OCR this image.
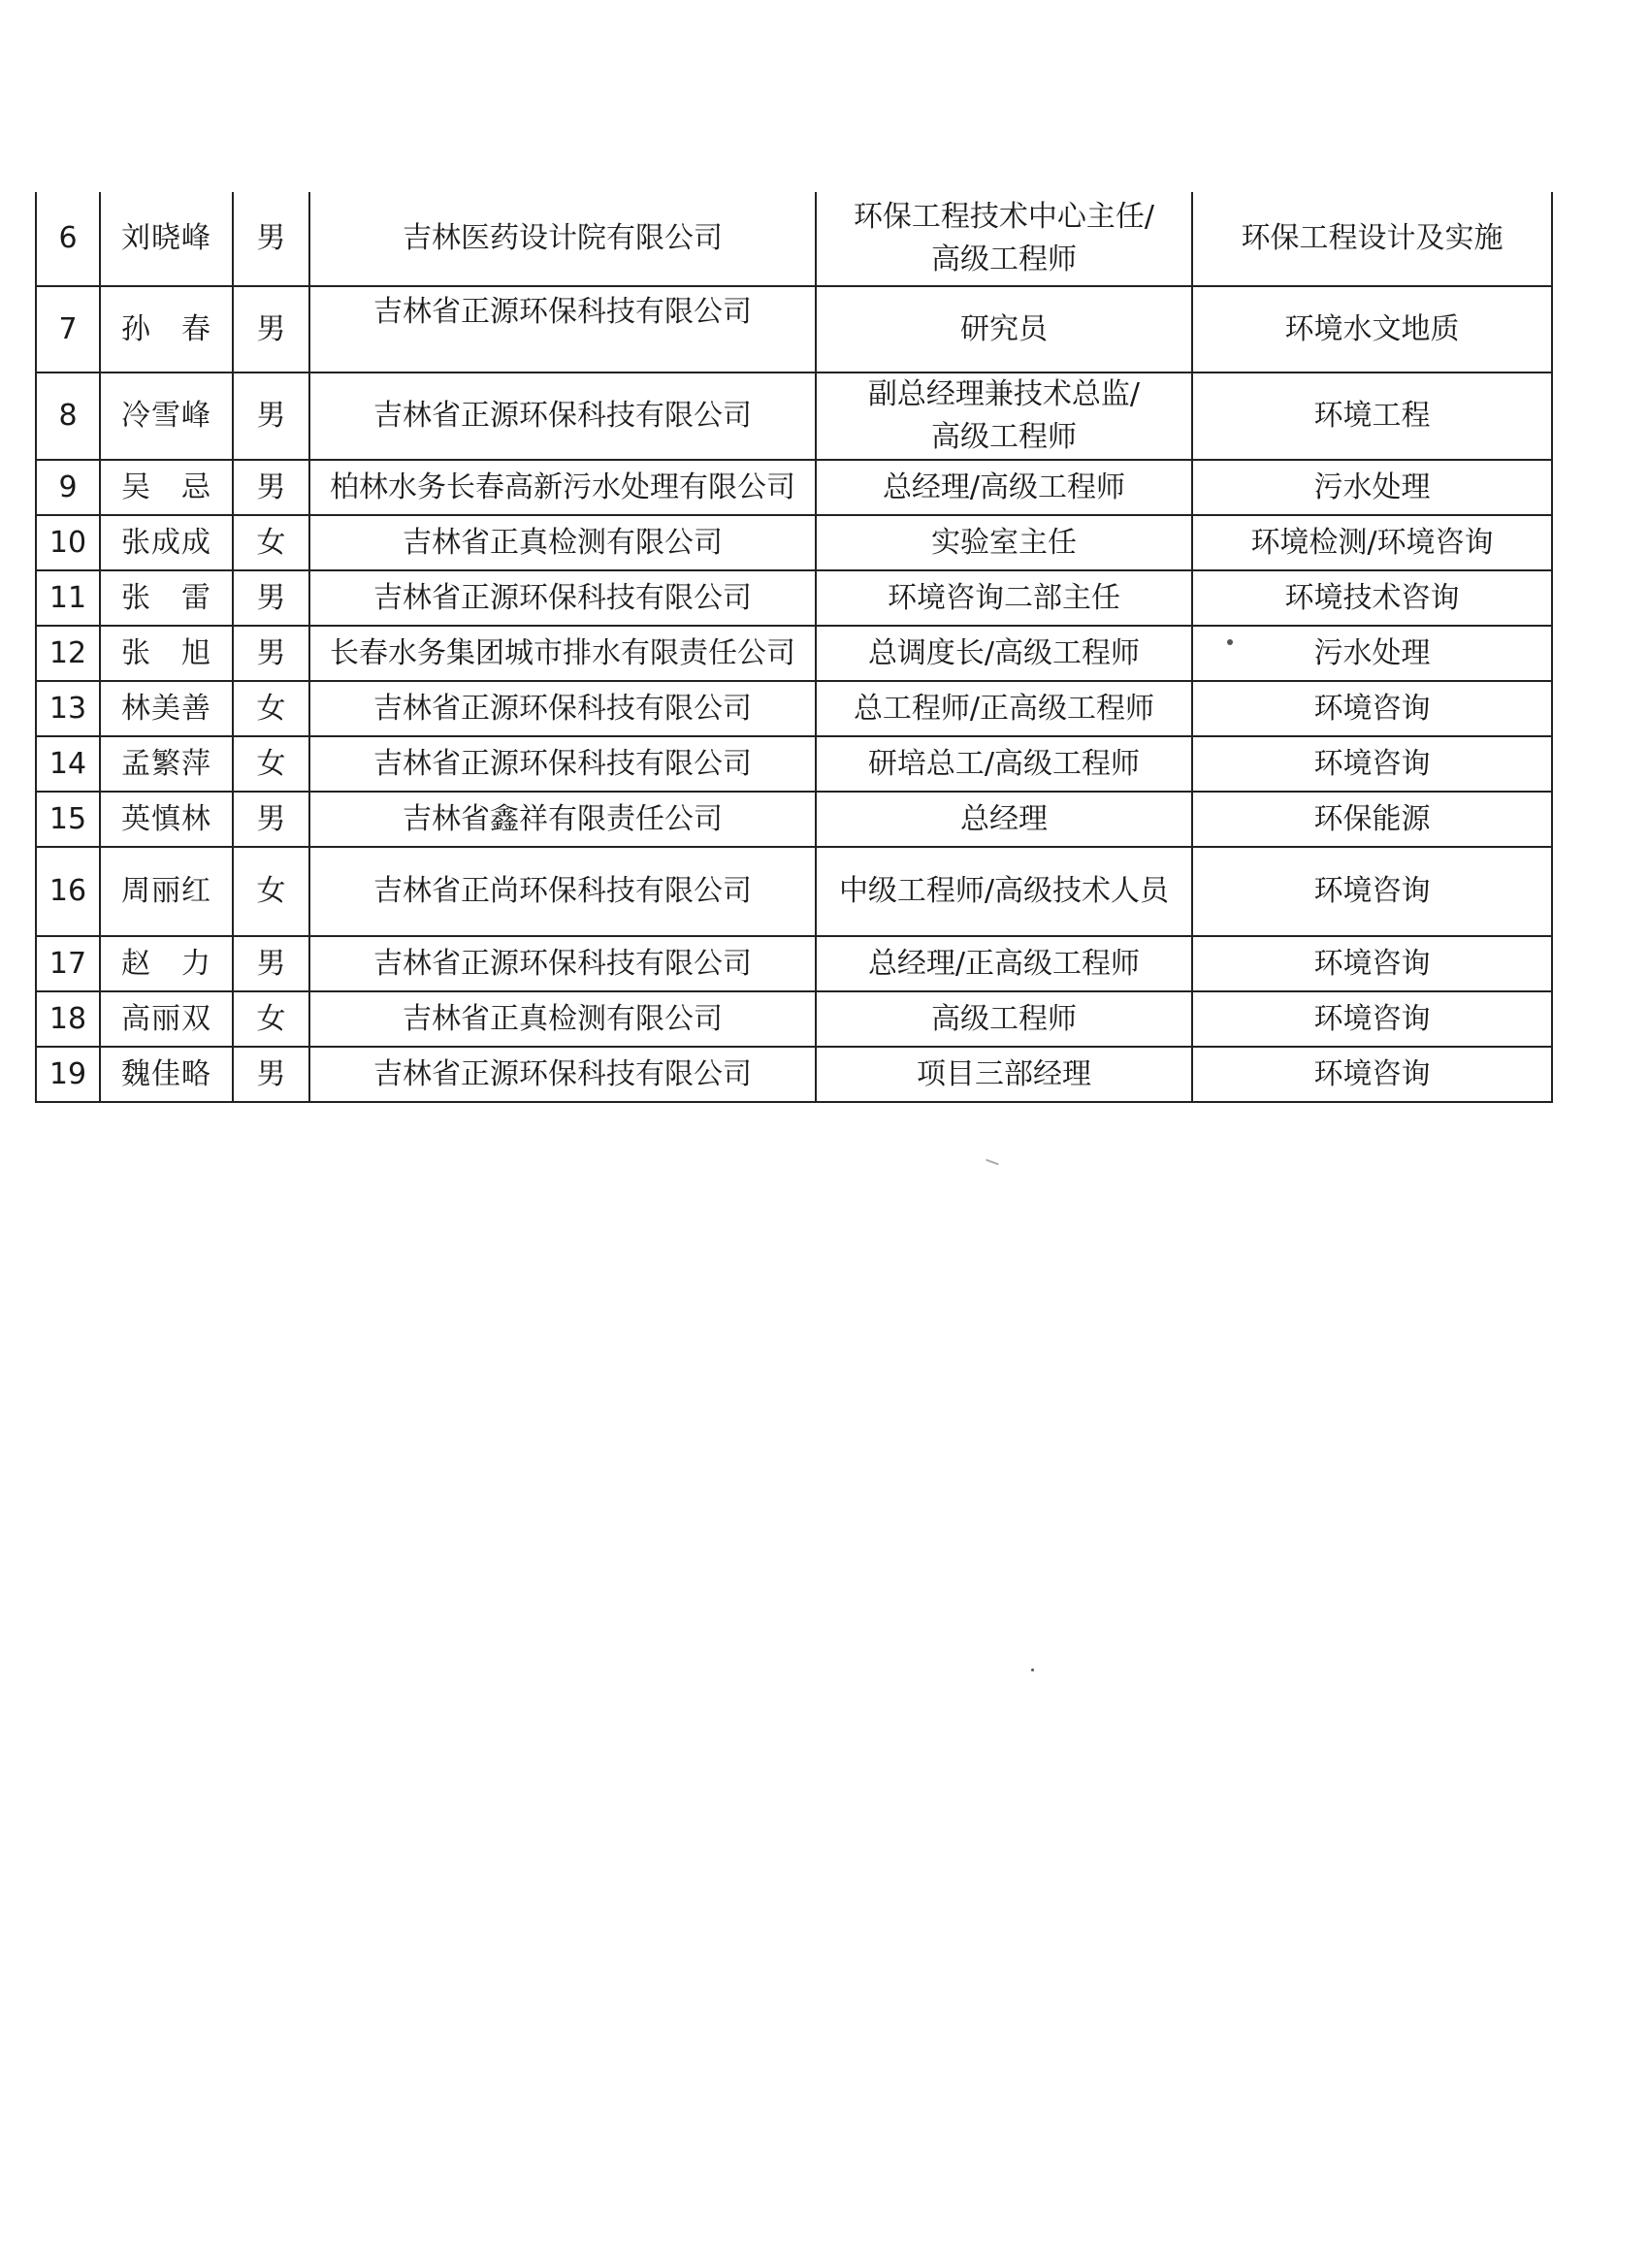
6	刘晓峰	男	吉林医药设计院有限公司	环保工程技术中心主任/
高级工程师	环保工程设计及实施
7	孙　春	男	吉林省正源环保科技有限公司	研究员	环境水文地质
8	冷雪峰	男	吉林省正源环保科技有限公司	副总经理兼技术总监/
高级工程师	环境工程
9	吴　忌	男	柏林水务长春高新污水处理有限公司	总经理/高级工程师	污水处理
10	张成成	女	吉林省正真检测有限公司	实验室主任	环境检测/环境咨询
11	张　雷	男	吉林省正源环保科技有限公司	环境咨询二部主任	环境技术咨询
12	张　旭	男	长春水务集团城市排水有限责任公司	总调度长/高级工程师	污水处理
13	林美善	女	吉林省正源环保科技有限公司	总工程师/正高级工程师	环境咨询
14	孟繁萍	女	吉林省正源环保科技有限公司	研培总工/高级工程师	环境咨询
15	英慎林	男	吉林省鑫祥有限责任公司	总经理	环保能源
16	周丽红	女	吉林省正尚环保科技有限公司	中级工程师/高级技术人员	环境咨询
17	赵　力	男	吉林省正源环保科技有限公司	总经理/正高级工程师	环境咨询
18	高丽双	女	吉林省正真检测有限公司	高级工程师	环境咨询
19	魏佳略	男	吉林省正源环保科技有限公司	项目三部经理	环境咨询
